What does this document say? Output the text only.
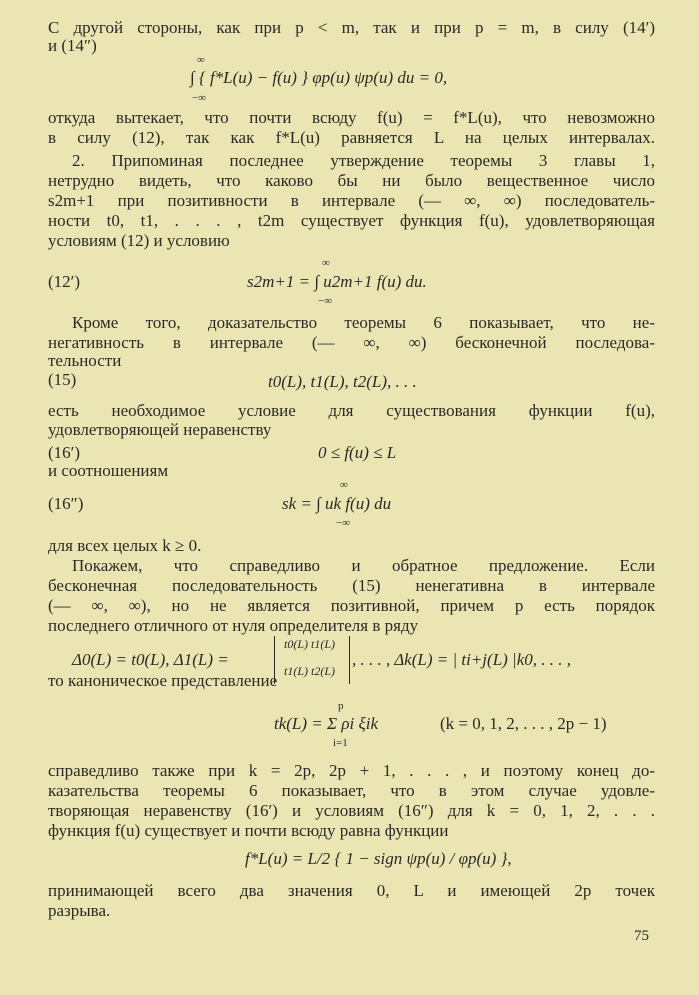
С другой стороны, как при p < m, так и при p = m, в силу (14′)
и (14″)
∞
∫ { f*L(u) − f(u) } φp(u) ψp(u) du = 0,
−∞
откуда вытекает, что почти всюду f(u) = f*L(u), что невозможно
в силу (12), так как f*L(u) равняется L на целых интервалах.
2. Припоминая последнее утверждение теоремы 3 главы 1,
нетрудно видеть, что каково бы ни было вещественное число
s2m+1 при позитивности в интервале (— ∞, ∞) последователь-
ности t0, t1, . . . , t2m существует функция f(u), удовлетворяющая
условиям (12) и условию
∞
(12′)	s2m+1 = ∫ u2m+1 f(u) du.
−∞
Кроме того, доказательство теоремы 6 показывает, что не-
негативность в интервале (— ∞, ∞) бесконечной последова-
тельности
(15)	t0(L), t1(L), t2(L), . . .
есть необходимое условие для существования функции f(u),
удовлетворяющей неравенству
(16′)	0 ≤ f(u) ≤ L
и соотношениям
∞
(16″)	sk = ∫ uk f(u) du
−∞
для всех целых k ≥ 0.
Покажем, что справедливо и обратное предложение. Если
бесконечная последовательность (15) ненегативна в интервале
(— ∞, ∞), но не является позитивной, причем p есть порядок
последнего отличного от нуля определителя в ряду
Δ0(L) = t0(L), Δ1(L) =
t0(L) t1(L)
t1(L) t2(L)
, . . . , Δk(L) = | ti+j(L) |k0, . . . ,
то каноническое представление
p
tk(L) = Σ ρi ξik	(k = 0, 1, 2, . . . , 2p − 1)
i=1
справедливо также при k = 2p, 2p + 1, . . . , и поэтому конец до-
казательства теоремы 6 показывает, что в этом случае удовле-
творяющая неравенству (16′) и условиям (16″) для k = 0, 1, 2, . . .
функция f(u) существует и почти всюду равна функции
f*L(u) = L/2 { 1 − sign ψp(u) / φp(u) },
принимающей всего два значения 0, L и имеющей 2p точек
разрыва.
75
